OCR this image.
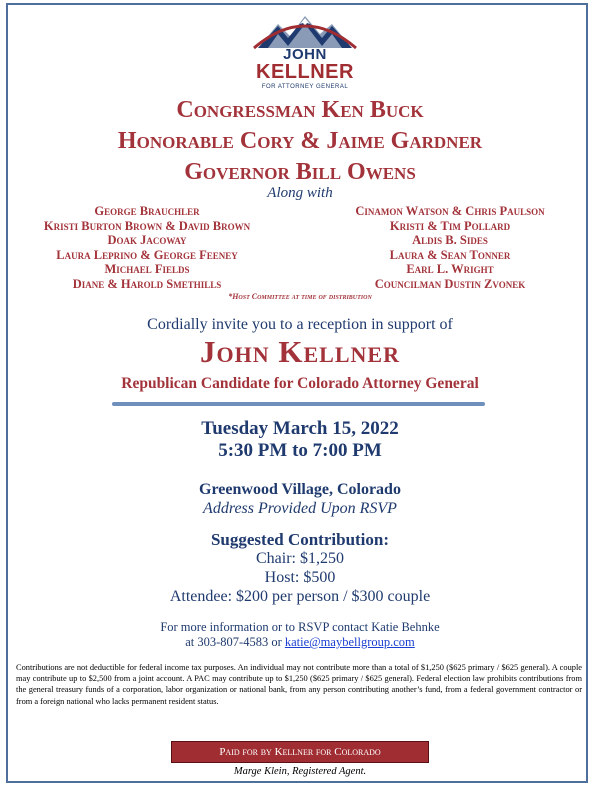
JOHN
KELLNER
FOR ATTORNEY GENERAL
Congressman Ken Buck
Honorable Cory & Jaime Gardner
Governor Bill Owens
Along with
George Brauchler
Kristi Burton Brown & David Brown
Doak Jacoway
Laura Leprino & George Feeney
Michael Fields
Diane & Harold Smethills
Cinamon Watson & Chris Paulson
Kristi & Tim Pollard
Aldis B. Sides
Laura & Sean Tonner
Earl L. Wright
Councilman Dustin Zvonek
*Host Committee at time of distribution
Cordially invite you to a reception in support of
John Kellner
Republican Candidate for Colorado Attorney General
Tuesday March 15, 2022
5:30 PM to 7:00 PM
Greenwood Village, Colorado
Address Provided Upon RSVP
Suggested Contribution:
Chair: $1,250
Host: $500
Attendee: $200 per person / $300 couple
For more information or to RSVP contact Katie Behnke
at 303-807-4583 or katie@maybellgroup.com
Contributions are not deductible for federal income tax purposes. An individual may not contribute more than a total of $1,250 ($625 primary / $625 general). A couple may contribute up to $2,500 from a joint account. A PAC may contribute up to $1,250 ($625 primary / $625 general). Federal election law prohibits contributions from the general treasury funds of a corporation, labor organization or national bank, from any person contributing another’s fund, from a federal government contractor or from a foreign national who lacks permanent resident status.
Paid for by Kellner for Colorado
Marge Klein, Registered Agent.
